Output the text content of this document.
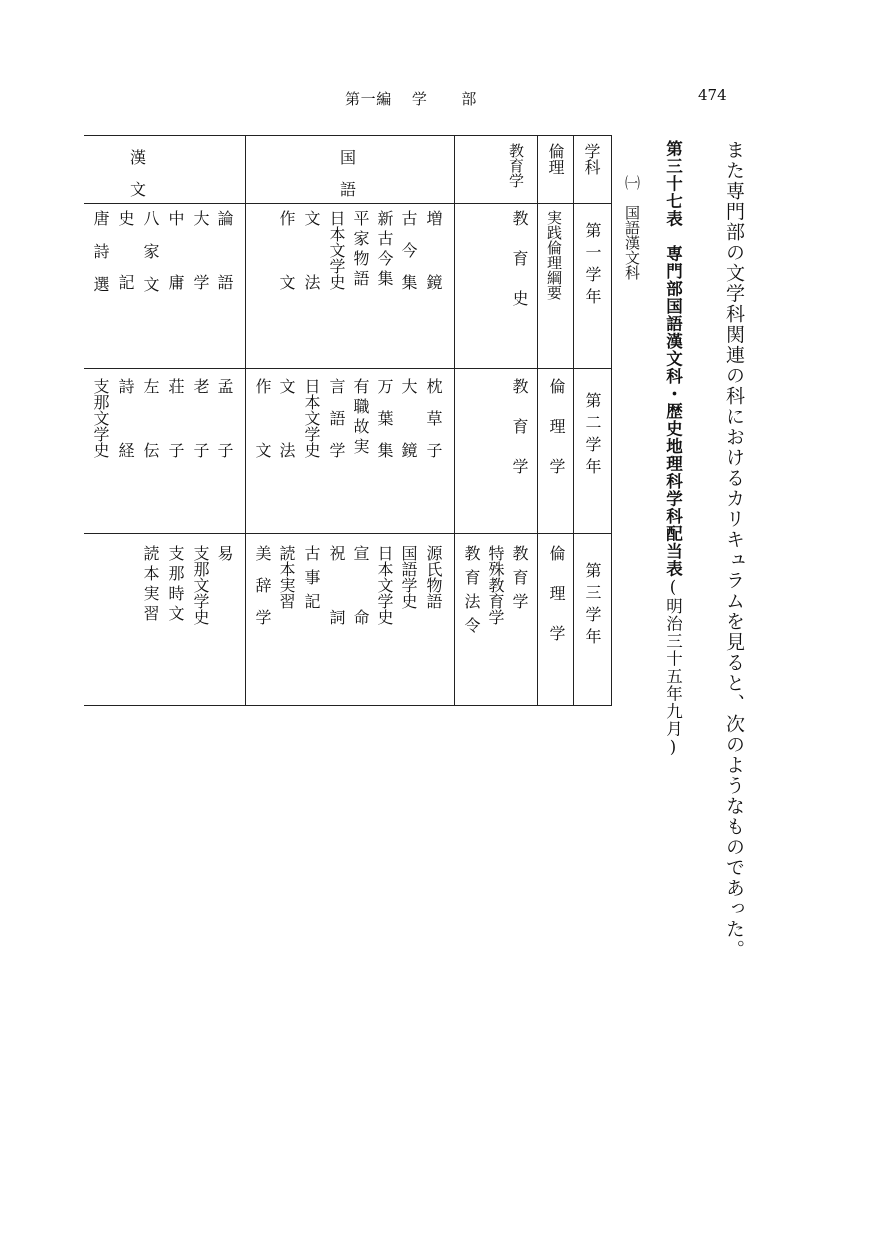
第一編 学 部	474
また専門部の文学科関連の科におけるカリキュラムを見ると、次のようなものであった。
第三十七表　専門部国語漢文科・歴史地理科学科配当表(明治三十五年九月)
㈠　国語漢文科
学科
倫理
教育学
国
語
漢
文
第一学年
実践倫理綱要
教　育　史
増　　　鏡
古　今　集
新古今集
平家物語
日本文学史
文　　　法
作　　　文
論　　　語
大　　　学
中　　　庸
八家文
史　　　記
唐詩選
第二学年
倫　理　学
教　育　学
枕　草　子
大　　　鏡
万　葉　集
有職故実
言　語　学
日本文学史
文　　　法
作　　　文
孟　　　子
老　　　子
荘　　　子
左　　　伝
詩　　　経
支那文学史
第三学年
倫　理　学
教育学
特殊教育学
教育法令
源氏物語
国語学史
日本文学史
宣　　　命
祝　　　詞
古事記
読本実習
美　辞　学
易
支那文学史
支那時文
読本実習
